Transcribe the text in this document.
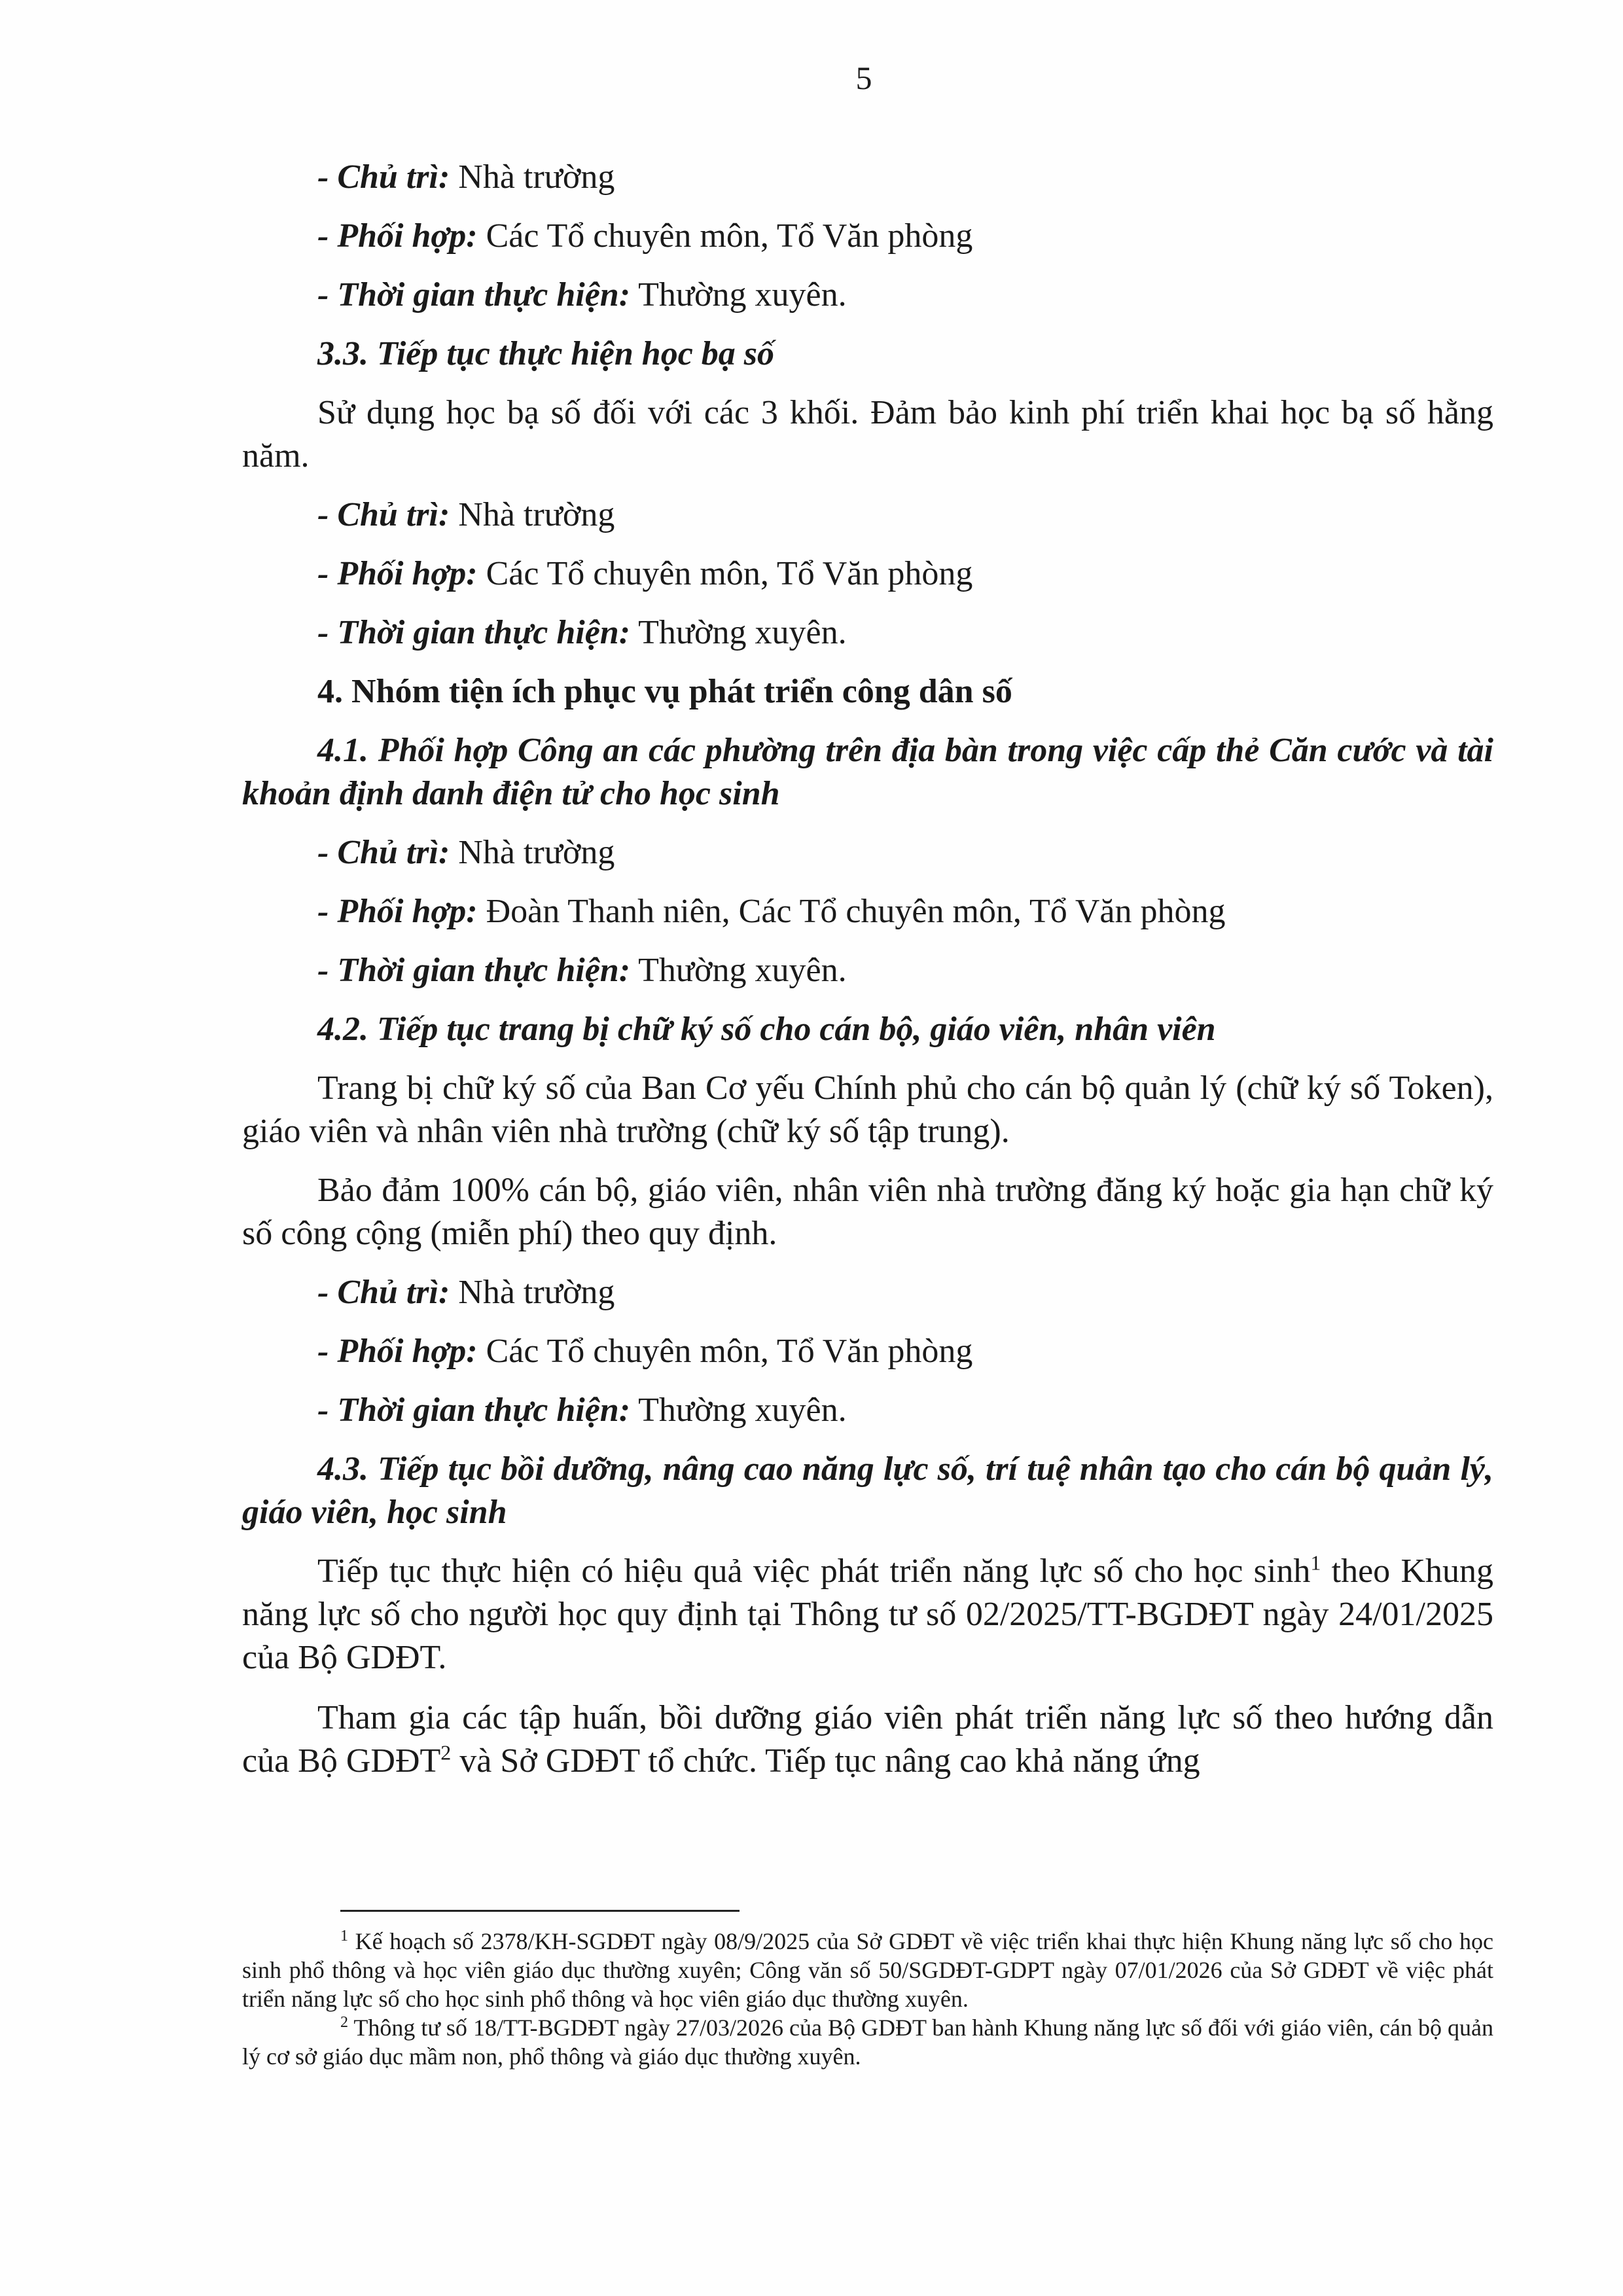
5

- Chủ trì: Nhà trường

- Phối hợp: Các Tổ chuyên môn, Tổ Văn phòng

- Thời gian thực hiện: Thường xuyên.

3.3. Tiếp tục thực hiện học bạ số

Sử dụng học bạ số đối với các 3 khối. Đảm bảo kinh phí triển khai học bạ số hằng năm.

- Chủ trì: Nhà trường

- Phối hợp: Các Tổ chuyên môn, Tổ Văn phòng

- Thời gian thực hiện: Thường xuyên.

4. Nhóm tiện ích phục vụ phát triển công dân số

4.1. Phối hợp Công an các phường trên địa bàn trong việc cấp thẻ Căn cước và tài khoản định danh điện tử cho học sinh

- Chủ trì: Nhà trường

- Phối hợp: Đoàn Thanh niên, Các Tổ chuyên môn, Tổ Văn phòng

- Thời gian thực hiện: Thường xuyên.

4.2. Tiếp tục trang bị chữ ký số cho cán bộ, giáo viên, nhân viên

Trang bị chữ ký số của Ban Cơ yếu Chính phủ cho cán bộ quản lý (chữ ký số Token), giáo viên và nhân viên nhà trường (chữ ký số tập trung).

Bảo đảm 100% cán bộ, giáo viên, nhân viên nhà trường đăng ký hoặc gia hạn chữ ký số công cộng (miễn phí) theo quy định.

- Chủ trì: Nhà trường

- Phối hợp: Các Tổ chuyên môn, Tổ Văn phòng

- Thời gian thực hiện: Thường xuyên.

4.3. Tiếp tục bồi dưỡng, nâng cao năng lực số, trí tuệ nhân tạo cho cán bộ quản lý, giáo viên, học sinh

Tiếp tục thực hiện có hiệu quả việc phát triển năng lực số cho học $\sinh^1$ theo Khung năng lực số cho người học quy định tại Thông tư số 02/2025/TT-BGDĐT ngày 24/01/2025 của Bộ GDĐT.

Tham gia các tập huấn, bồi dưỡng giáo viên phát triển năng lực số theo hướng dẫn của Bộ GDĐT$^2$ và Sở GDĐT tổ chức. Tiếp tục nâng cao khả năng ứng

$^1$ Kế hoạch số 2378/KH-SGDĐT ngày 08/9/2025 của Sở GDĐT về việc triển khai thực hiện Khung năng lực số cho học sinh phổ thông và học viên giáo dục thường xuyên; Công văn số 50/SGDĐT-GDPT ngày 07/01/2026 của Sở GDĐT về việc phát triển năng lực số cho học sinh phổ thông và học viên giáo dục thường xuyên.

$^2$ Thông tư số 18/TT-BGDĐT ngày 27/03/2026 của Bộ GDĐT ban hành Khung năng lực số đối với giáo viên, cán bộ quản lý cơ sở giáo dục mầm non, phổ thông và giáo dục thường xuyên.
